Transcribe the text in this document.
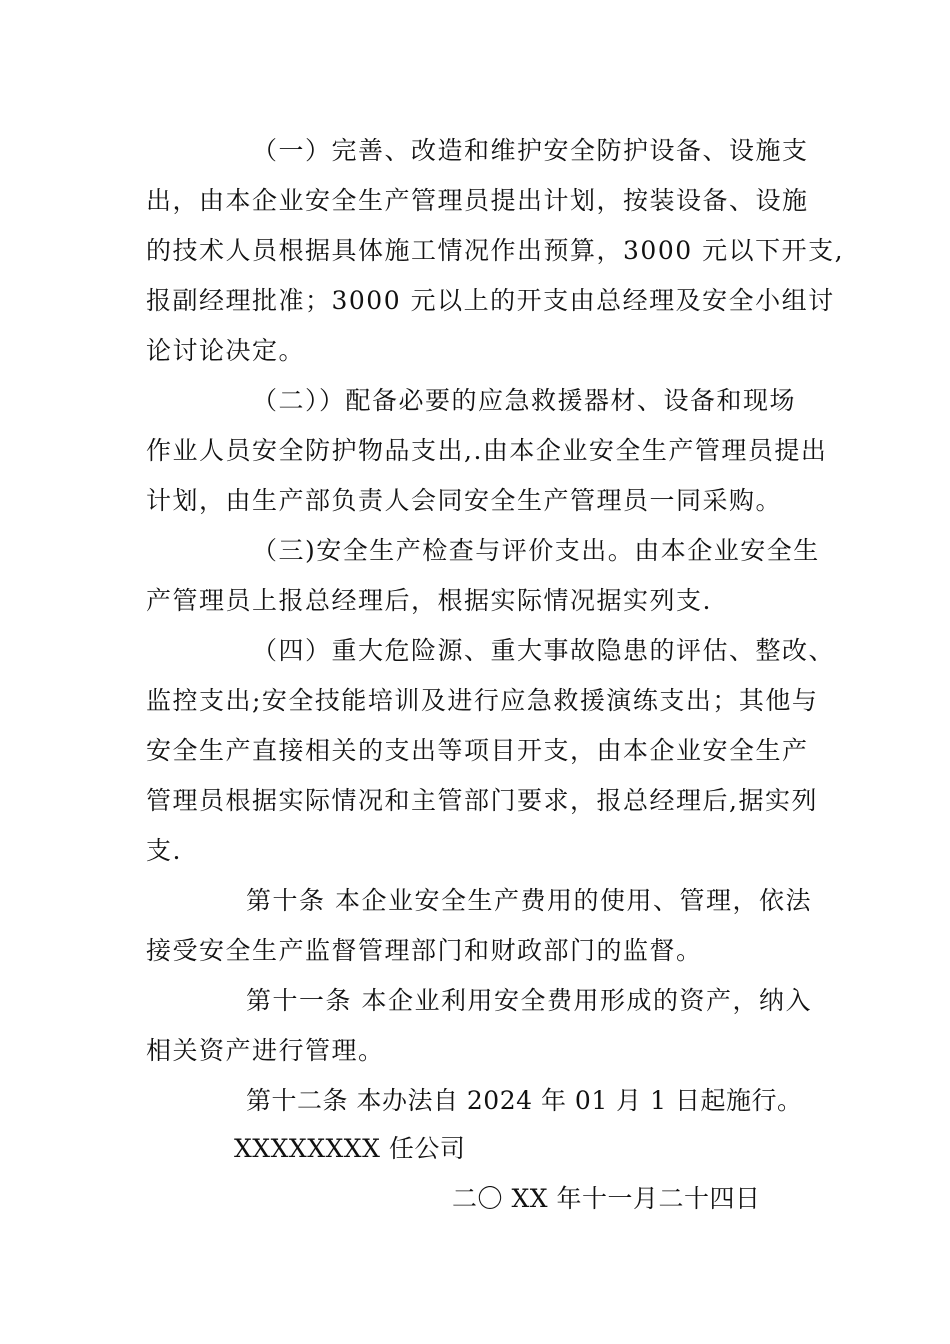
（一）完善、改造和维护安全防护设备、设施支
出，由本企业安全生产管理员提出计划，按装设备、设施
的技术人员根据具体施工情况作出预算，3000 元以下开支,
报副经理批准；3000 元以上的开支由总经理及安全小组讨
论讨论决定。
（二））配备必要的应急救援器材、设备和现场
作业人员安全防护物品支出,.由本企业安全生产管理员提出
计划，由生产部负责人会同安全生产管理员一同采购。
（三)安全生产检查与评价支出。由本企业安全生
产管理员上报总经理后，根据实际情况据实列支.
（四）重大危险源、重大事故隐患的评估、整改、
监控支出;安全技能培训及进行应急救援演练支出；其他与
安全生产直接相关的支出等项目开支，由本企业安全生产
管理员根据实际情况和主管部门要求，报总经理后,据实列
支.
第十条 本企业安全生产费用的使用、管理，依法
接受安全生产监督管理部门和财政部门的监督。
第十一条 本企业利用安全费用形成的资产，纳入
相关资产进行管理。
第十二条 本办法自 2024 年 01 月 1 日起施行。
XXXXXXXX 任公司
二〇 XX 年十一月二十四日
